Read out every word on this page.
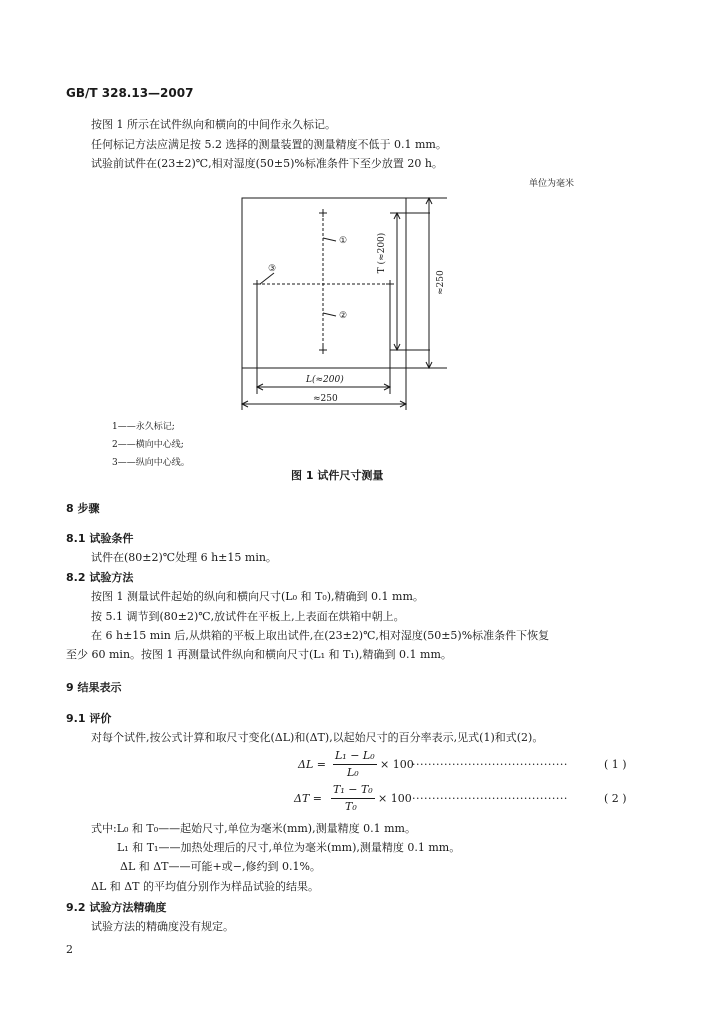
GB/T 328.13—2007
按图 1 所示在试件纵向和横向的中间作永久标记。
任何标记方法应满足按 5.2 选择的测量装置的测量精度不低于 0.1 mm。
试验前试件在(23±2)℃,相对湿度(50±5)%标准条件下至少放置 20 h。
单位为毫米
①
②
③	T (≈200)
≈250
L(≈200)
≈250
1——永久标记;
2——横向中心线;
3——纵向中心线。
图 1 试件尺寸测量
8 步骤
8.1 试验条件
试件在(80±2)℃处理 6 h±15 min。
8.2 试验方法
按图 1 测量试件起始的纵向和横向尺寸(L₀ 和 T₀),精确到 0.1 mm。
按 5.1 调节到(80±2)℃,放试件在平板上,上表面在烘箱中朝上。
在 6 h±15 min 后,从烘箱的平板上取出试件,在(23±2)℃,相对湿度(50±5)%标准条件下恢复
至少 60 min。按图 1 再测量试件纵向和横向尺寸(L₁ 和 T₁),精确到 0.1 mm。
9 结果表示
9.1 评价
对每个试件,按公式计算和取尺寸变化(ΔL)和(ΔT),以起始尺寸的百分率表示,见式(1)和式(2)。
ΔL =
L₁ − L₀
L₀
× 100
·······································	( 1 )
ΔT =
T₁ − T₀
T₀
× 100 ·······································	( 2 )
式中:L₀ 和 T₀——起始尺寸,单位为毫米(mm),测量精度 0.1 mm。
L₁ 和 T₁——加热处理后的尺寸,单位为毫米(mm),测量精度 0.1 mm。
ΔL 和 ΔT——可能+或−,修约到 0.1%。
ΔL 和 ΔT 的平均值分别作为样品试验的结果。
9.2 试验方法精确度
试验方法的精确度没有规定。
2
